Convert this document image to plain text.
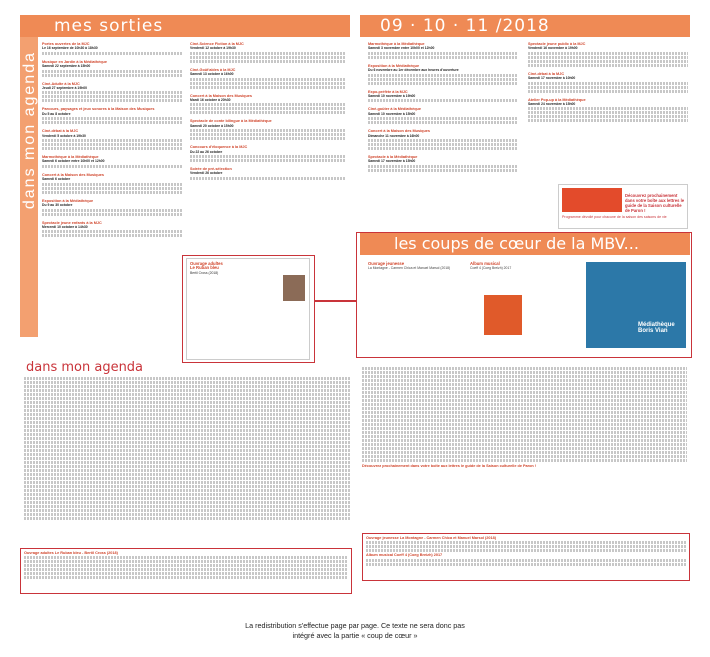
mes sorties
dans mon agenda
Portes ouvertes de la MJC
Le 16 septembre de 10h30 à 18h30
Musique en Jardin à la Médiathèque
Samedi 22 septembre à 15h00
Ciné-Adulte à la MJC
Jeudi 27 septembre à 19h00
Parcours, paysages et jeux sonores à la Maison des Musiques
Du 5 au 8 octobre
Ciné-débat à la MJC
Vendredi 5 octobre à 19h30
Marmothèque à la Médiathèque
Samedi 6 octobre entre 10h00 et 12h00
Concert à la Maison des Musiques
Samedi 6 octobre
Exposition à la Médiathèque
Du 9 au 30 octobre
Spectacle jeune enfants à la MJC
Mercredi 10 octobre à 14h30
Ciné-Science Fiction à la MJC
Vendredi 12 octobre à 19h30
Ciné-Goût'ables à la MJC
Samedi 13 octobre à 16h00
Concert à la Maison des Musiques
Mardi 16 octobre à 20h30
Spectacle de conte bilingue à la Médiathèque
Samedi 20 octobre à 15h00
Concours d'éloquence à la MJC
Du 22 au 26 octobre
Soirée de pré-sélection
Vendredi 26 octobre
Ouvrage adultes
Le Ruban bleu
Bertil Cross (2018)
09 · 10 · 11 /2018
Marmothèque à la Médiathèque
Samedi 3 novembre entre 10h00 et 12h00
Exposition à la Médiathèque
Du 6 novembre au 1er décembre aux heures d'ouverture
Expo-préfète à la MJC
Samedi 10 novembre à 19h00
Ciné-goûter à la Médiathèque
Samedi 10 novembre à 15h00
Concert à la Maison des Musiques
Dimanche 11 novembre à 16h00
Spectacle à la Médiathèque
Samedi 17 novembre à 15h00
Spectacle jeune public à la MJC
Vendredi 16 novembre à 19h00
Ciné-débat à la MJC
Samedi 17 novembre à 10h00
Atelier Pop-up à la Médiathèque
Samedi 24 novembre à 15h00
Découvrez prochainement dans votre boîte aux lettres le guide de la Saison culturelle de Paron !
Programme dévoilé pour chacune de la saison des saisons de vie
les coups de cœur de la MBV...
Ouvrage jeunesse
La Montagne - Carmen Chica et Manuel Marsol (2018)
Album musical
Coeff 4 (Coeg Breizh) 2017
Médiathèque Boris Vian
dans mon agenda
Découvrez prochainement dans votre boîte aux lettres le guide de la Saison culturelle de Paron !
Ouvrage adultes Le Ruban bleu - Bertil Cross (2018)
Ouvrage jeunesse La Montagne - Carmen Chica et Manuel Marsol (2018)
Album musical Coeff 4 (Coeg Breizh) 2017
La redistribution s'effectue page par page. Ce texte ne sera donc pas
intégré avec la partie « coup de cœur »
